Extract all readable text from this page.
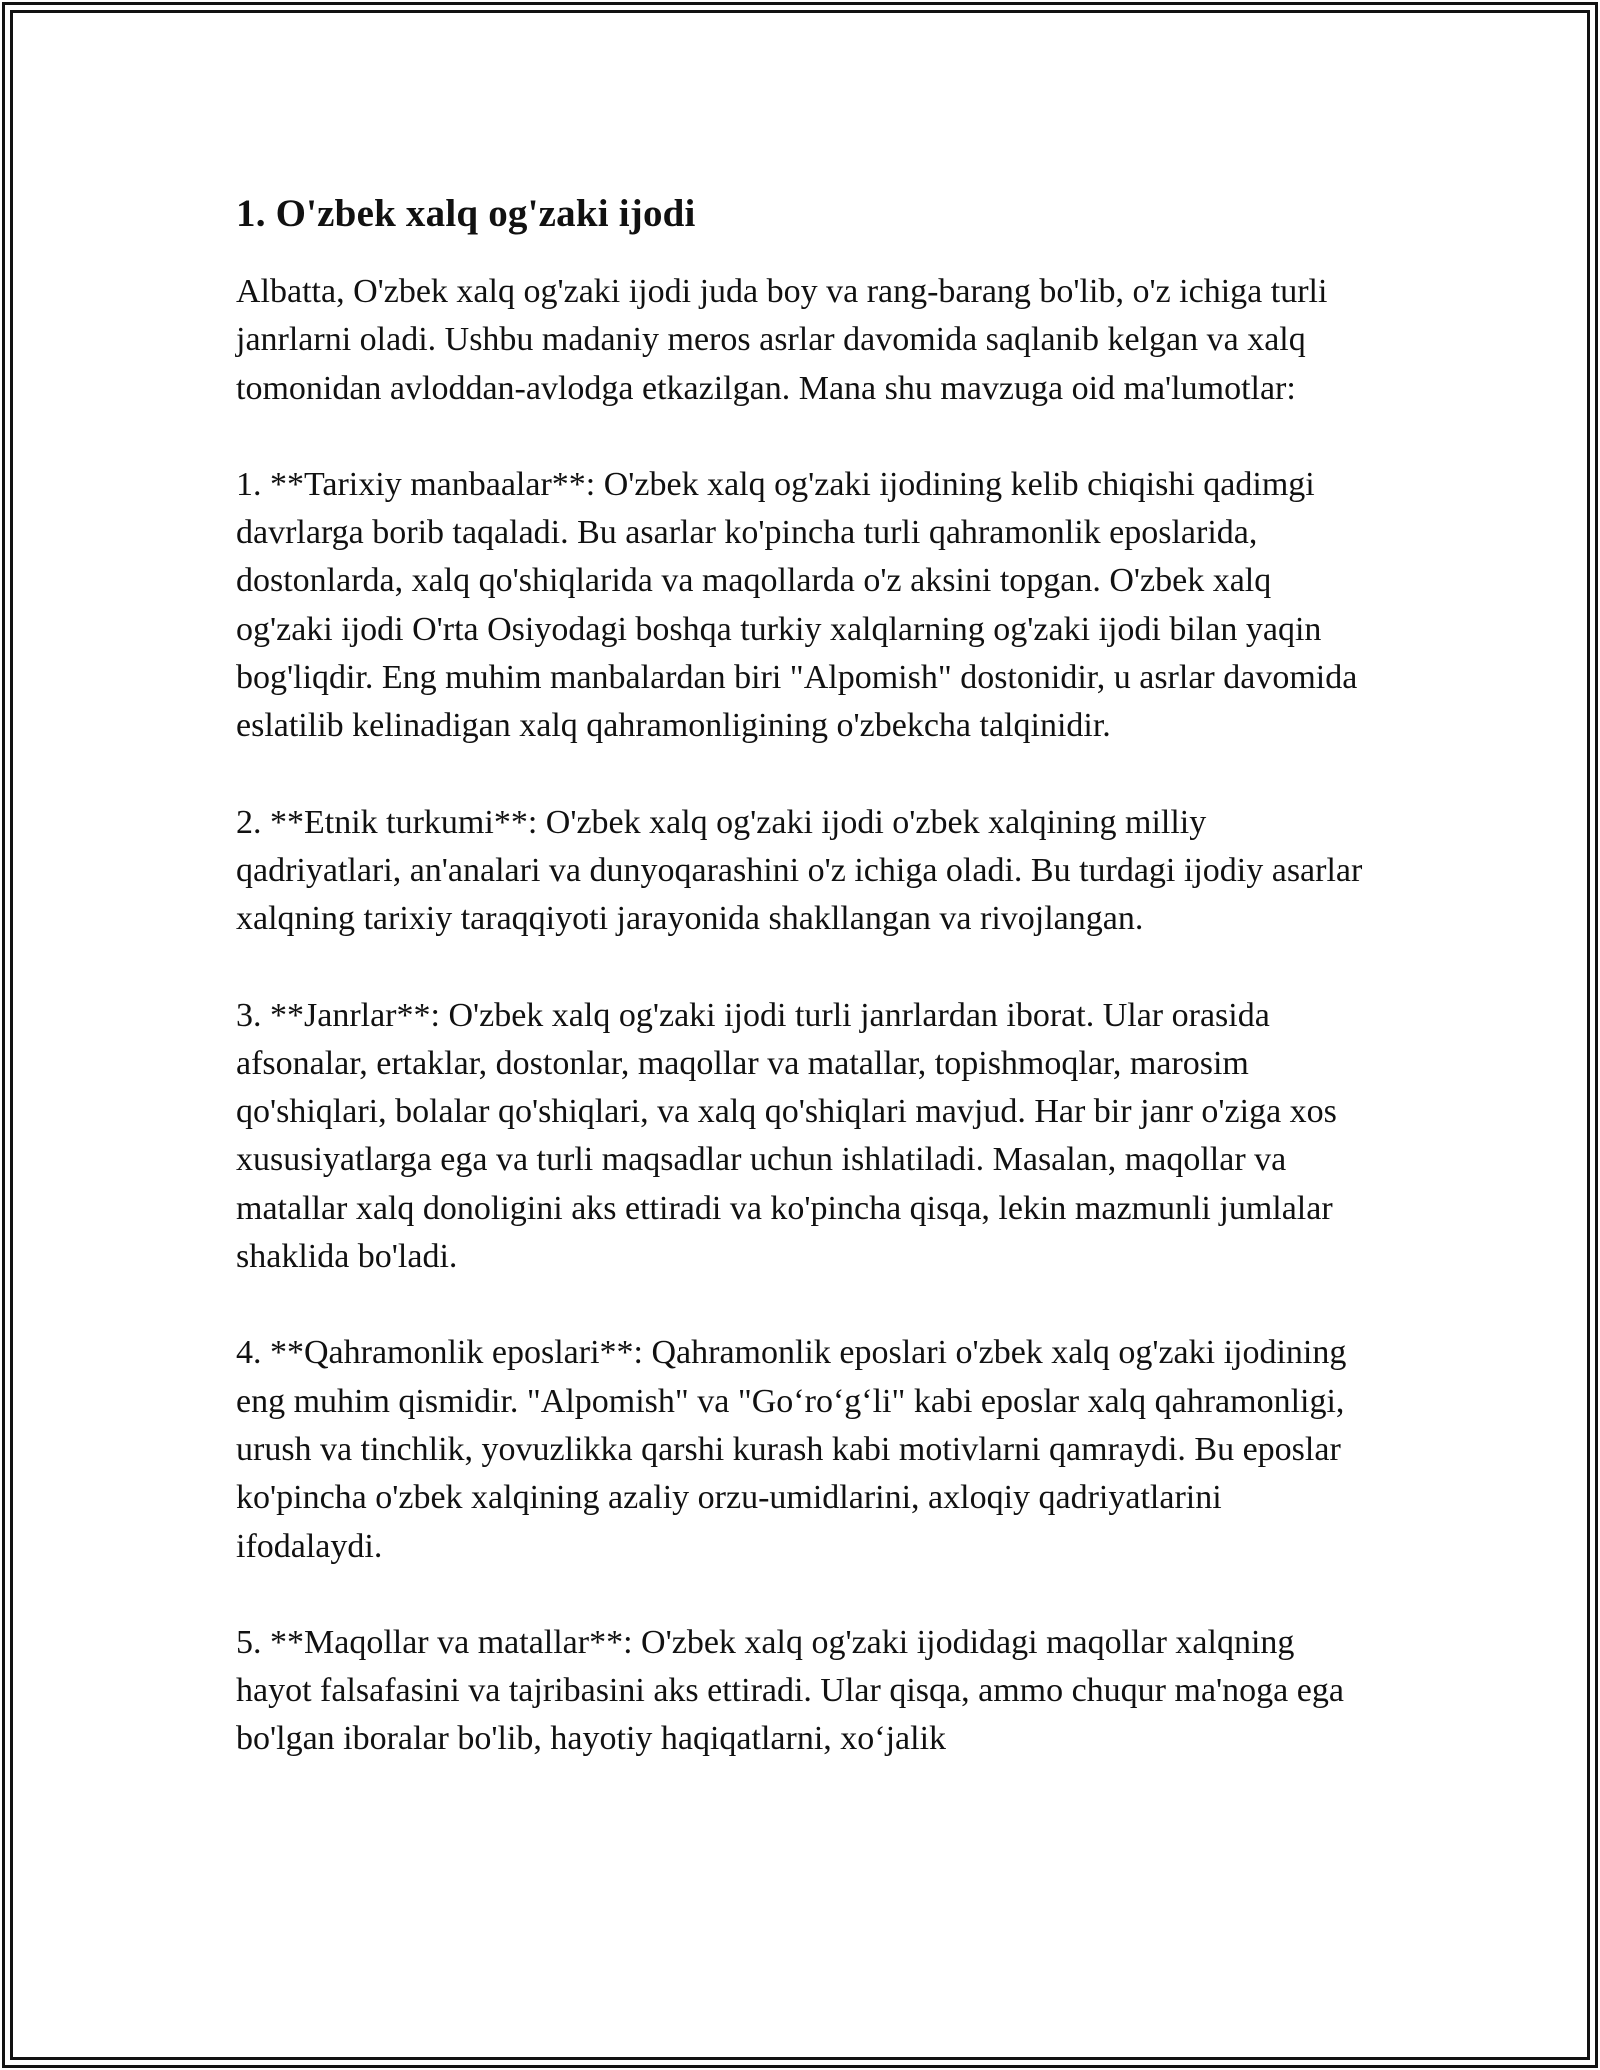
1. O'zbek xalq og'zaki ijodi

Albatta, O'zbek xalq og'zaki ijodi juda boy va rang-barang bo'lib, o'z ichiga turli janrlarni oladi. Ushbu madaniy meros asrlar davomida saqlanib kelgan va xalq tomonidan avloddan-avlodga etkazilgan. Mana shu mavzuga oid ma'lumotlar:

1. **Tarixiy manbaalar**: O'zbek xalq og'zaki ijodining kelib chiqishi qadimgi davrlarga borib taqaladi. Bu asarlar ko'pincha turli qahramonlik eposlarida, dostonlarda, xalq qo'shiqlarida va maqollarda o'z aksini topgan. O'zbek xalq og'zaki ijodi O'rta Osiyodagi boshqa turkiy xalqlarning og'zaki ijodi bilan yaqin bog'liqdir. Eng muhim manbalardan biri "Alpomish" dostonidir, u asrlar davomida eslatilib kelinadigan xalq qahramonligining o'zbekcha talqinidir.

2. **Etnik turkumi**: O'zbek xalq og'zaki ijodi o'zbek xalqining milliy qadriyatlari, an'analari va dunyoqarashini o'z ichiga oladi. Bu turdagi ijodiy asarlar xalqning tarixiy taraqqiyoti jarayonida shakllangan va rivojlangan.

3. **Janrlar**: O'zbek xalq og'zaki ijodi turli janrlardan iborat. Ular orasida afsonalar, ertaklar, dostonlar, maqollar va matallar, topishmoqlar, marosim qo'shiqlari, bolalar qo'shiqlari, va xalq qo'shiqlari mavjud. Har bir janr o'ziga xos xususiyatlarga ega va turli maqsadlar uchun ishlatiladi. Masalan, maqollar va matallar xalq donoligini aks ettiradi va ko'pincha qisqa, lekin mazmunli jumlalar shaklida bo'ladi.

4. **Qahramonlik eposlari**: Qahramonlik eposlari o'zbek xalq og'zaki ijodining eng muhim qismidir. "Alpomish" va "Go‘ro‘g‘li" kabi eposlar xalq qahramonligi, urush va tinchlik, yovuzlikka qarshi kurash kabi motivlarni qamraydi. Bu eposlar ko'pincha o'zbek xalqining azaliy orzu-umidlarini, axloqiy qadriyatlarini ifodalaydi.

5. **Maqollar va matallar**: O'zbek xalq og'zaki ijodidagi maqollar xalqning hayot falsafasini va tajribasini aks ettiradi. Ular qisqa, ammo chuqur ma'noga ega bo'lgan iboralar bo'lib, hayotiy haqiqatlarni, xo‘jalik
